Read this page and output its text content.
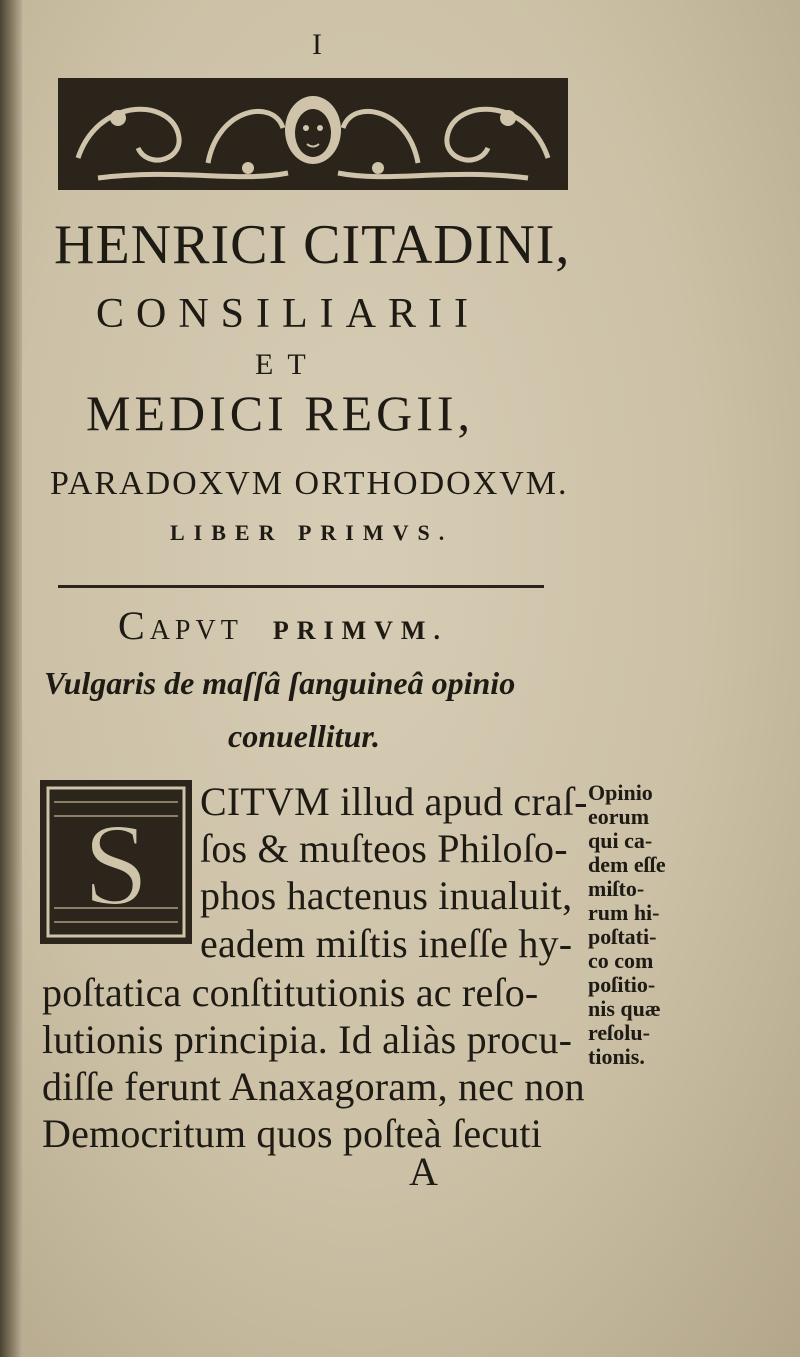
I
HENRICI CITADINI,
CONSILIARII
ET
MEDICI REGII,
PARADOXVM ORTHODOXVM.
LIBER PRIMVS.
CAPVT PRIMVM.
Vulgaris de maſſâ ſanguineâ opinio
conuellitur.
S CITVM illud apud craſ-
ſos & muſteos Philoſo-
phos hactenus inualuit,
eadem miſtis ineſſe hy-
poſtatica conſtitutionis ac reſo-
lutionis principia. Id aliàs procu-
diſſe ferunt Anaxagoram, nec non
Democritum quos poſteà ſecuti
A
Opinio
eorum
qui ca-
dem eſſe
miſto-
rum hi-
poſtati-
co com
poſitio-
nis quæ
reſolu-
tionis.
